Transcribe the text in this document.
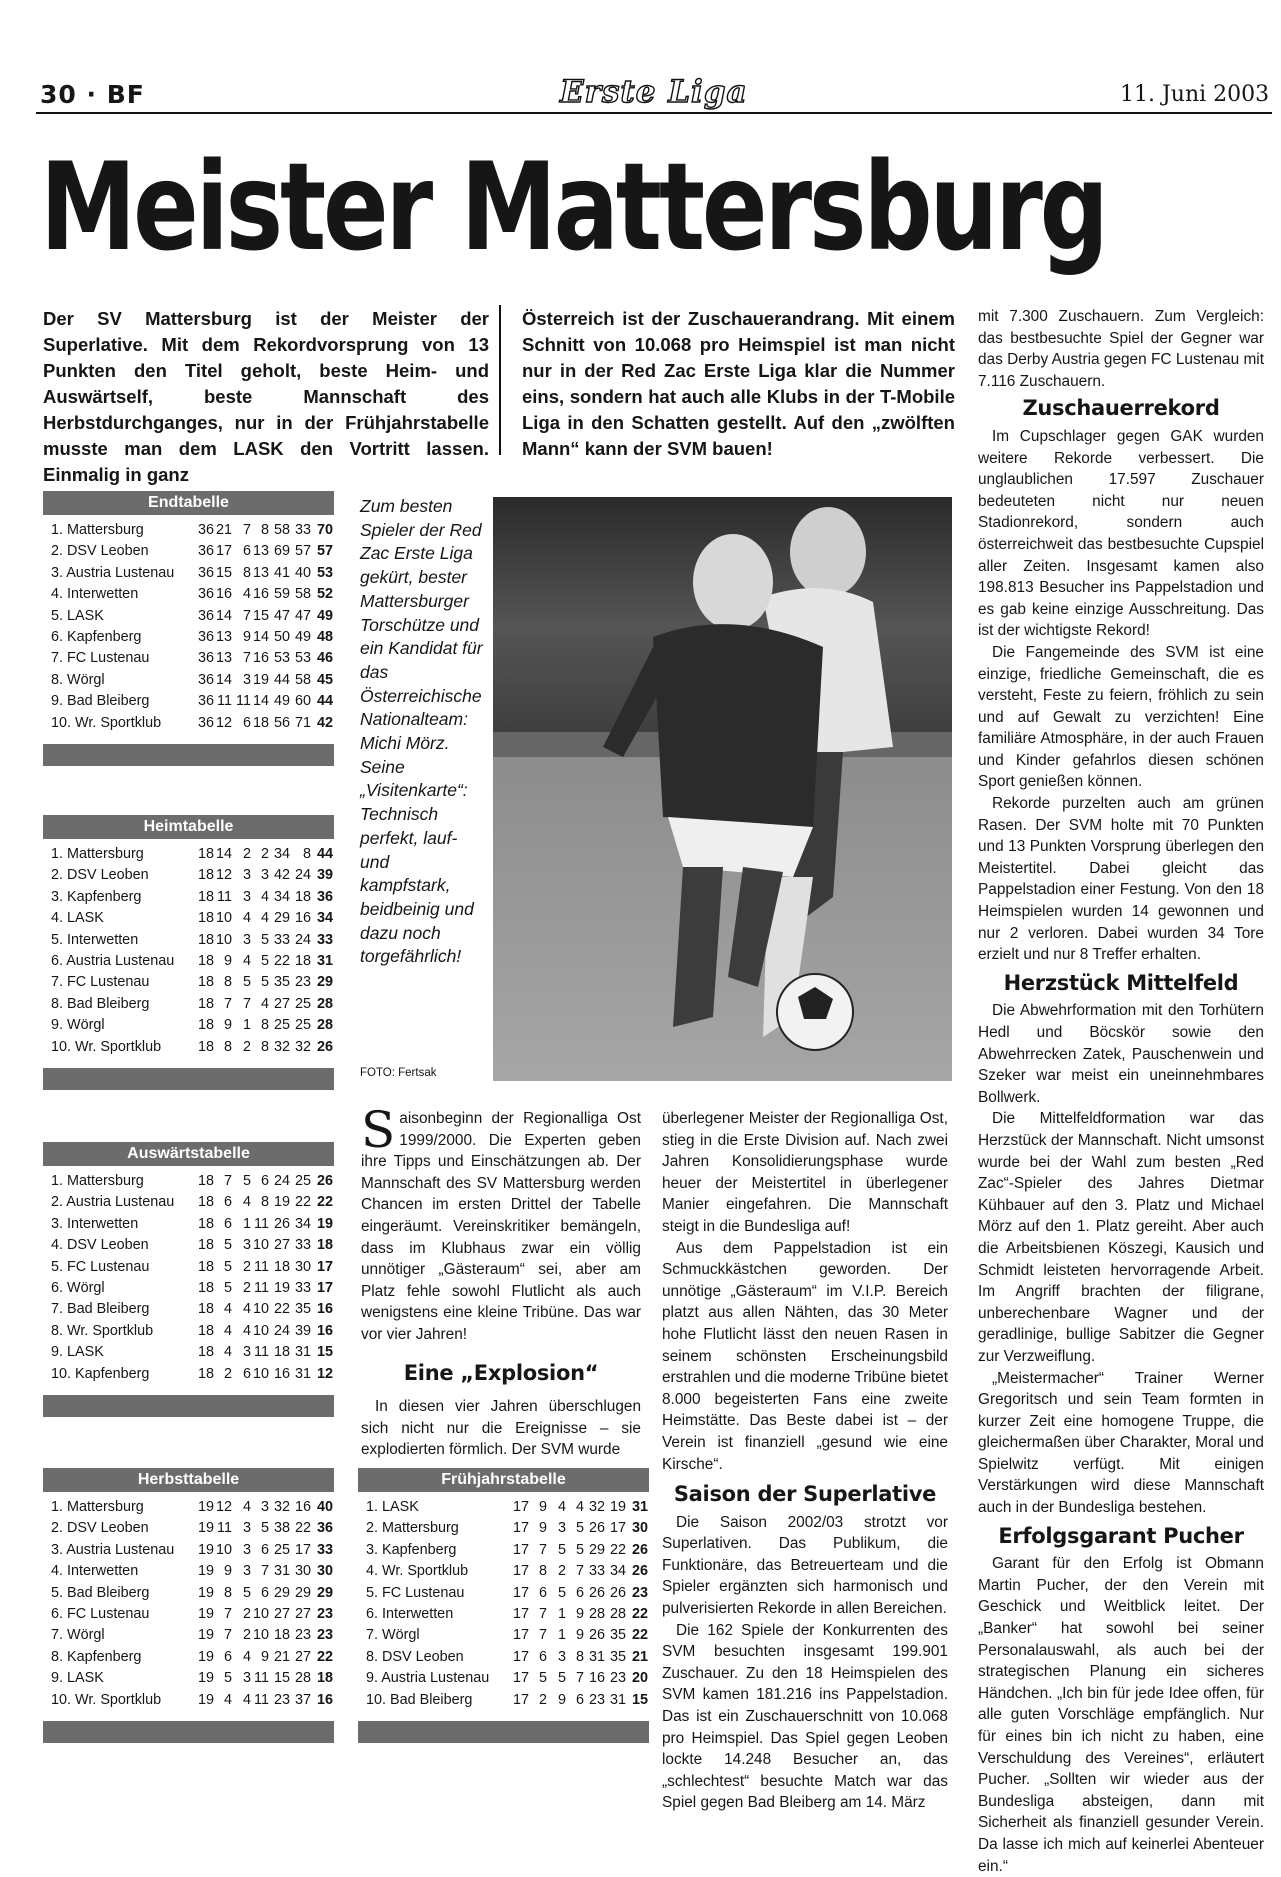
30 · BF	Erste Liga	11. Juni 2003
Meister Mattersburg
Der SV Mattersburg ist der Meister der Superlative. Mit dem Rekordvorsprung von 13 Punkten den Titel geholt, beste Heim- und Auswärtself, beste Mannschaft des Herbstdurchganges, nur in der Frühjahrstabelle musste man dem LASK den Vortritt lassen. Einmalig in ganz
Österreich ist der Zuschauerandrang. Mit einem Schnitt von 10.068 pro Heimspiel ist man nicht nur in der Red Zac Erste Liga klar die Nummer eins, sondern hat auch alle Klubs in der T-Mobile Liga in den Schatten gestellt. Auf den „zwölften Mann“ kann der SVM bauen!
Endtabelle
1. Mattersburg	36 21 7 8 58 33 70
2. DSV Leoben	36 17 6 13 69 57 57
3. Austria Lustenau	36 15 8 13 41 40 53
4. Interwetten	36 16 4 16 59 58 52
5. LASK	36 14 7 15 47 47 49
6. Kapfenberg	36 13 9 14 50 49 48
7. FC Lustenau	36 13 7 16 53 53 46
8. Wörgl	36 14 3 19 44 58 45
9. Bad Bleiberg	36 11 11 14 49 60 44
10. Wr. Sportklub	36 12 6 18 56 71 42
Heimtabelle
1. Mattersburg	18 14 2 2 34 8 44
2. DSV Leoben	18 12 3 3 42 24 39
3. Kapfenberg	18 11 3 4 34 18 36
4. LASK	18 10 4 4 29 16 34
5. Interwetten	18 10 3 5 33 24 33
6. Austria Lustenau	18 9 4 5 22 18 31
7. FC Lustenau	18 8 5 5 35 23 29
8. Bad Bleiberg	18 7 7 4 27 25 28
9. Wörgl	18 9 1 8 25 25 28
10. Wr. Sportklub	18 8 2 8 32 32 26
Auswärtstabelle
1. Mattersburg	18 7 5 6 24 25 26
2. Austria Lustenau	18 6 4 8 19 22 22
3. Interwetten	18 6 1 11 26 34 19
4. DSV Leoben	18 5 3 10 27 33 18
5. FC Lustenau	18 5 2 11 18 30 17
6. Wörgl	18 5 2 11 19 33 17
7. Bad Bleiberg	18 4 4 10 22 35 16
8. Wr. Sportklub	18 4 4 10 24 39 16
9. LASK	18 4 3 11 18 31 15
10. Kapfenberg	18 2 6 10 16 31 12
Herbsttabelle
1. Mattersburg	19 12 4 3 32 16 40
2. DSV Leoben	19 11 3 5 38 22 36
3. Austria Lustenau	19 10 3 6 25 17 33
4. Interwetten	19 9 3 7 31 30 30
5. Bad Bleiberg	19 8 5 6 29 29 29
6. FC Lustenau	19 7 2 10 27 27 23
7. Wörgl	19 7 2 10 18 23 23
8. Kapfenberg	19 6 4 9 21 27 22
9. LASK	19 5 3 11 15 28 18
10. Wr. Sportklub	19 4 4 11 23 37 16
Frühjahrstabelle
1. LASK	17 9 4 4 32 19 31
2. Mattersburg	17 9 3 5 26 17 30
3. Kapfenberg	17 7 5 5 29 22 26
4. Wr. Sportklub	17 8 2 7 33 34 26
5. FC Lustenau	17 6 5 6 26 26 23
6. Interwetten	17 7 1 9 28 28 22
7. Wörgl	17 7 1 9 26 35 22
8. DSV Leoben	17 6 3 8 31 35 21
9. Austria Lustenau	17 5 5 7 16 23 20
10. Bad Bleiberg	17 2 9 6 23 31 15
Zum besten Spieler der Red Zac Erste Liga gekürt, bester Mattersburger Torschütze und ein Kandidat für das Österreichische Nationalteam: Michi Mörz. Seine „Visitenkarte“: Technisch perfekt, lauf- und kampfstark, beidbeinig und dazu noch torgefährlich!
FOTO: Fertsak

Saisonbeginn der Regionalliga Ost 1999/2000. Die Experten geben ihre Tipps und Einschätzungen ab. Der Mannschaft des SV Mattersburg werden Chancen im ersten Drittel der Tabelle eingeräumt. Vereinskritiker bemängeln, dass im Klubhaus zwar ein völlig unnötiger „Gästeraum“ sei, aber am Platz fehle sowohl Flutlicht als auch wenigstens eine kleine Tribüne. Das war vor vier Jahren!

Eine „Explosion“

In diesen vier Jahren überschlugen sich nicht nur die Ereignisse – sie explodierten förmlich. Der SVM wurde

überlegener Meister der Regionalliga Ost, stieg in die Erste Division auf. Nach zwei Jahren Konsolidierungsphase wurde heuer der Meistertitel in überlegener Manier eingefahren. Die Mannschaft steigt in die Bundesliga auf!

Aus dem Pappelstadion ist ein Schmuckkästchen geworden. Der unnötige „Gästeraum“ im V.I.P. Bereich platzt aus allen Nähten, das 30 Meter hohe Flutlicht lässt den neuen Rasen in seinem schönsten Erscheinungsbild erstrahlen und die moderne Tribüne bietet 8.000 begeisterten Fans eine zweite Heimstätte. Das Beste dabei ist – der Verein ist finanziell „gesund wie eine Kirsche“.

Saison der Superlative

Die Saison 2002/03 strotzt vor Superlativen. Das Publikum, die Funktionäre, das Betreuerteam und die Spieler ergänzten sich harmonisch und pulverisierten Rekorde in allen Bereichen.

Die 162 Spiele der Konkurrenten des SVM besuchten insgesamt 199.901 Zuschauer. Zu den 18 Heimspielen des SVM kamen 181.216 ins Pappelstadion. Das ist ein Zuschauerschnitt von 10.068 pro Heimspiel. Das Spiel gegen Leoben lockte 14.248 Besucher an, das „schlechtest“ besuchte Match war das Spiel gegen Bad Bleiberg am 14. März

mit 7.300 Zuschauern. Zum Vergleich: das bestbesuchte Spiel der Gegner war das Derby Austria gegen FC Lustenau mit 7.116 Zuschauern.

Zuschauerrekord

Im Cupschlager gegen GAK wurden weitere Rekorde verbessert. Die unglaublichen 17.597 Zuschauer bedeuteten nicht nur neuen Stadionrekord, sondern auch österreichweit das bestbesuchte Cupspiel aller Zeiten. Insgesamt kamen also 198.813 Besucher ins Pappelstadion und es gab keine einzige Ausschreitung. Das ist der wichtigste Rekord!

Die Fangemeinde des SVM ist eine einzige, friedliche Gemeinschaft, die es versteht, Feste zu feiern, fröhlich zu sein und auf Gewalt zu verzichten! Eine familiäre Atmosphäre, in der auch Frauen und Kinder gefahrlos diesen schönen Sport genießen können.

Rekorde purzelten auch am grünen Rasen. Der SVM holte mit 70 Punkten und 13 Punkten Vorsprung überlegen den Meistertitel. Dabei gleicht das Pappelstadion einer Festung. Von den 18 Heimspielen wurden 14 gewonnen und nur 2 verloren. Dabei wurden 34 Tore erzielt und nur 8 Treffer erhalten.

Herzstück Mittelfeld

Die Abwehrformation mit den Torhütern Hedl und Böcskör sowie den Abwehrrecken Zatek, Pauschenwein und Szeker war meist ein uneinnehmbares Bollwerk.

Die Mittelfeldformation war das Herzstück der Mannschaft. Nicht umsonst wurde bei der Wahl zum besten „Red Zac“-Spieler des Jahres Dietmar Kühbauer auf den 3. Platz und Michael Mörz auf den 1. Platz gereiht. Aber auch die Arbeitsbienen Köszegi, Kausich und Schmidt leisteten hervorragende Arbeit. Im Angriff brachten der filigrane, unberechenbare Wagner und der geradlinige, bullige Sabitzer die Gegner zur Verzweiflung.

„Meistermacher“ Trainer Werner Gregoritsch und sein Team formten in kurzer Zeit eine homogene Truppe, die gleichermaßen über Charakter, Moral und Spielwitz verfügt. Mit einigen Verstärkungen wird diese Mannschaft auch in der Bundesliga bestehen.

Erfolgsgarant Pucher

Garant für den Erfolg ist Obmann Martin Pucher, der den Verein mit Geschick und Weitblick leitet. Der „Banker“ hat sowohl bei seiner Personalauswahl, als auch bei der strategischen Planung ein sicheres Händchen. „Ich bin für jede Idee offen, für alle guten Vorschläge empfänglich. Nur für eines bin ich nicht zu haben, eine Verschuldung des Vereines“, erläutert Pucher. „Sollten wir wieder aus der Bundesliga absteigen, dann mit Sicherheit als finanziell gesunder Verein. Da lasse ich mich auf keinerlei Abenteuer ein.“
